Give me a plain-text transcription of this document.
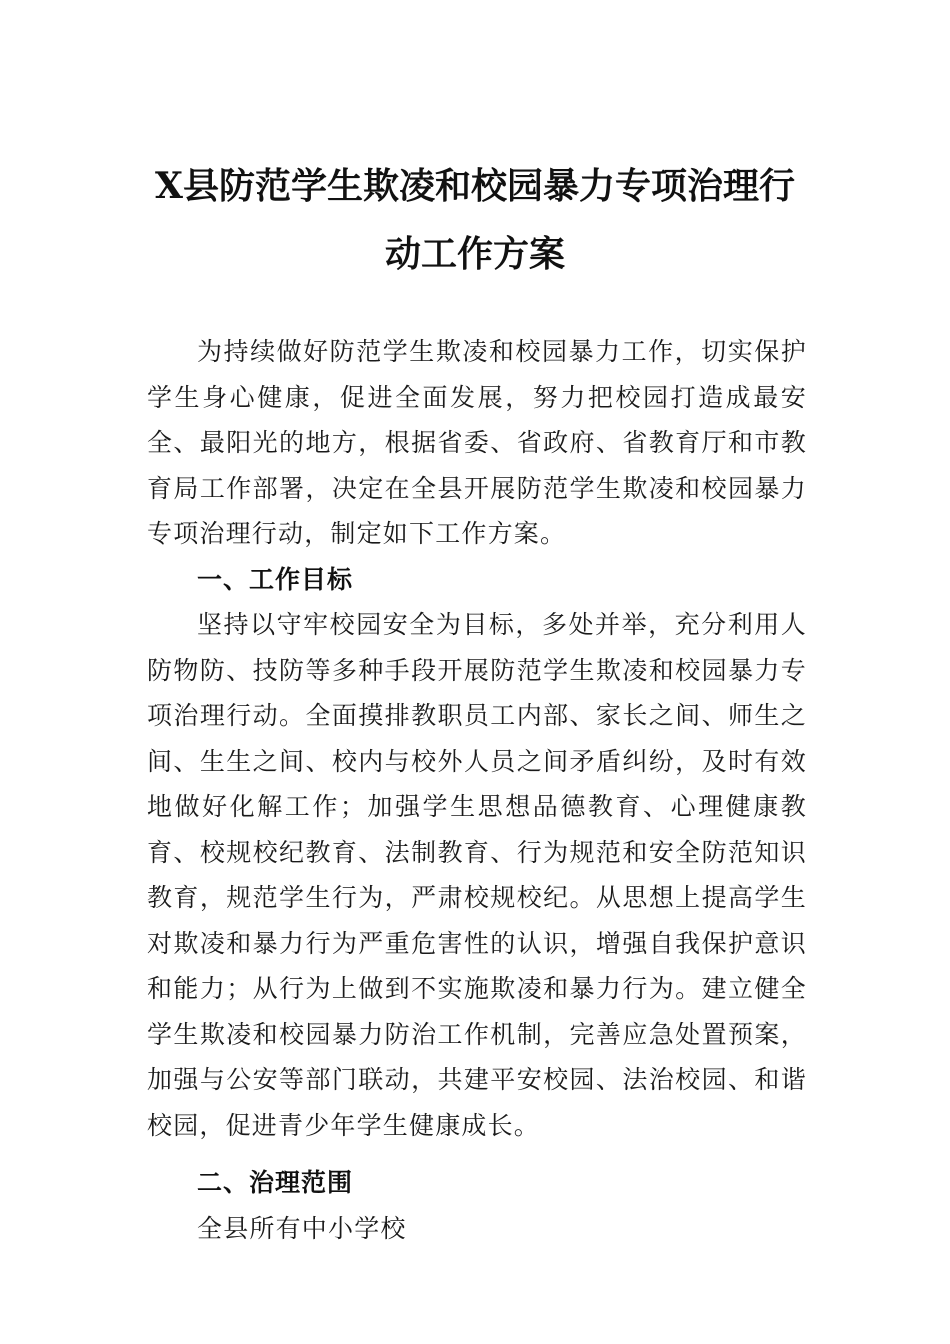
X县防范学生欺凌和校园暴力专项治理行
动工作方案

为持续做好防范学生欺凌和校园暴力工作，切实保护学生身心健康，促进全面发展，努力把校园打造成最安全、最阳光的地方，根据省委、省政府、省教育厅和市教育局工作部署，决定在全县开展防范学生欺凌和校园暴力专项治理行动，制定如下工作方案。

一、工作目标

坚持以守牢校园安全为目标，多处并举，充分利用人防物防、技防等多种手段开展防范学生欺凌和校园暴力专项治理行动。全面摸排教职员工内部、家长之间、师生之间、生生之间、校内与校外人员之间矛盾纠纷，及时有效地做好化解工作；加强学生思想品德教育、心理健康教育、校规校纪教育、法制教育、行为规范和安全防范知识教育，规范学生行为，严肃校规校纪。从思想上提高学生对欺凌和暴力行为严重危害性的认识，增强自我保护意识和能力；从行为上做到不实施欺凌和暴力行为。建立健全学生欺凌和校园暴力防治工作机制，完善应急处置预案，加强与公安等部门联动，共建平安校园、法治校园、和谐校园，促进青少年学生健康成长。

二、治理范围

全县所有中小学校
